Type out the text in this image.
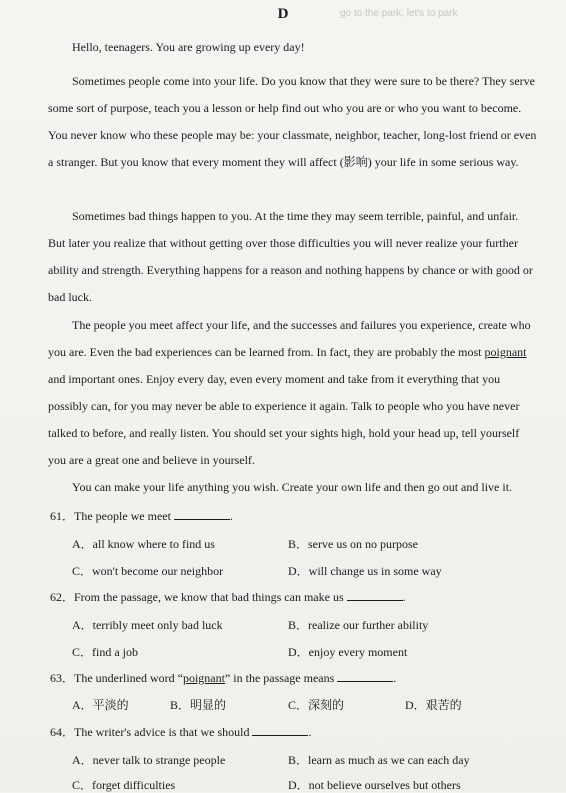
go to the park, let's to park
D

Hello, teenagers. You are growing up every day!

Sometimes people come into your life. Do you know that they were sure to be there? They serve some sort of purpose, teach you a lesson or help find out who you are or who you want to become. You never know who these people may be: your classmate, neighbor, teacher, long-lost friend or even a stranger. But you know that every moment they will affect (影响) your life in some serious way.

Sometimes bad things happen to you. At the time they may seem terrible, painful, and unfair. But later you realize that without getting over those difficulties you will never realize your further ability and strength. Everything happens for a reason and nothing happens by chance or with good or bad luck.

The people you meet affect your life, and the successes and failures you experience, create who you are. Even the bad experiences can be learned from. In fact, they are probably the most poignant and important ones. Enjoy every day, even every moment and take from it everything that you possibly can, for you may never be able to experience it again. Talk to people who you have never talked to before, and really listen. You should set your sights high, hold your head up, tell yourself you are a great one and believe in yourself.

You can make your life anything you wish. Create your own life and then go out and live it.

61．The people we meet	.
A．all know where to find us	B．serve us on no purpose
C．won't become our neighbor	D．will change us in some way
62．From the passage, we know that bad things can make us	.
A．terribly meet only bad luck	B．realize our further ability
C．find a job	D．enjoy every moment
63．The underlined word “poignant” in the passage means	.
A．平淡的	B．明显的	C．深刻的	D．艰苦的
64．The writer's advice is that we should	.
A．never talk to strange people	B．learn as much as we can each day
C．forget difficulties	D．not believe ourselves but others
